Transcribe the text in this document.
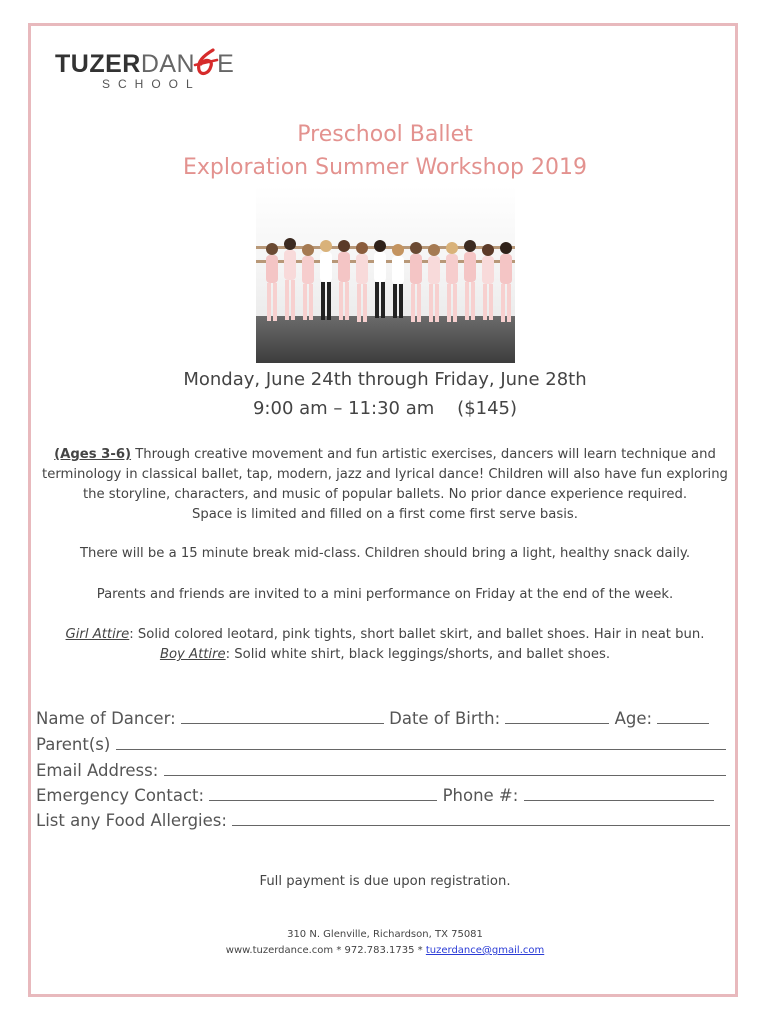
TUZERDAN E
SCHOOL
Preschool Ballet
Exploration Summer Workshop 2019
Monday, June 24th through Friday, June 28th
9:00 am – 11:30 am    ($145)
(Ages 3-6) Through creative movement and fun artistic exercises, dancers will learn technique and
terminology in classical ballet, tap, modern, jazz and lyrical dance! Children will also have fun exploring
the storyline, characters, and music of popular ballets. No prior dance experience required.
Space is limited and filled on a first come first serve basis.
There will be a 15 minute break mid-class. Children should bring a light, healthy snack daily.
Parents and friends are invited to a mini performance on Friday at the end of the week.
Girl Attire: Solid colored leotard, pink tights, short ballet skirt, and ballet shoes. Hair in neat bun.
Boy Attire: Solid white shirt, black leggings/shorts, and ballet shoes.
Name of Dancer:	Date of Birth:	Age:
Parent(s)
Email Address:
Emergency Contact:	Phone #:
List any Food Allergies:
Full payment is due upon registration.
310 N. Glenville, Richardson, TX 75081
www.tuzerdance.com * 972.783.1735 * tuzerdance@gmail.com
